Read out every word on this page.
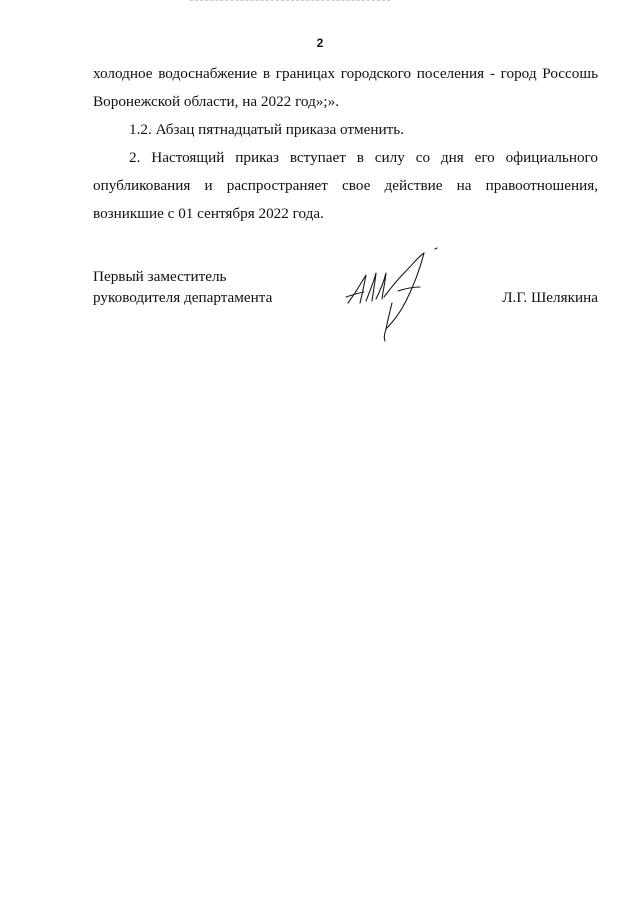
2
холодное водоснабжение в границах городского поселения - город Россошь
Воронежской области, на 2022 год»;».
1.2. Абзац пятнадцатый приказа отменить.
2. Настоящий приказ вступает в силу со дня его официального
опубликования и распространяет свое действие на правоотношения,
возникшие с 01 сентября 2022 года.
Первый заместитель
руководителя департамента	Л.Г. Шелякина
